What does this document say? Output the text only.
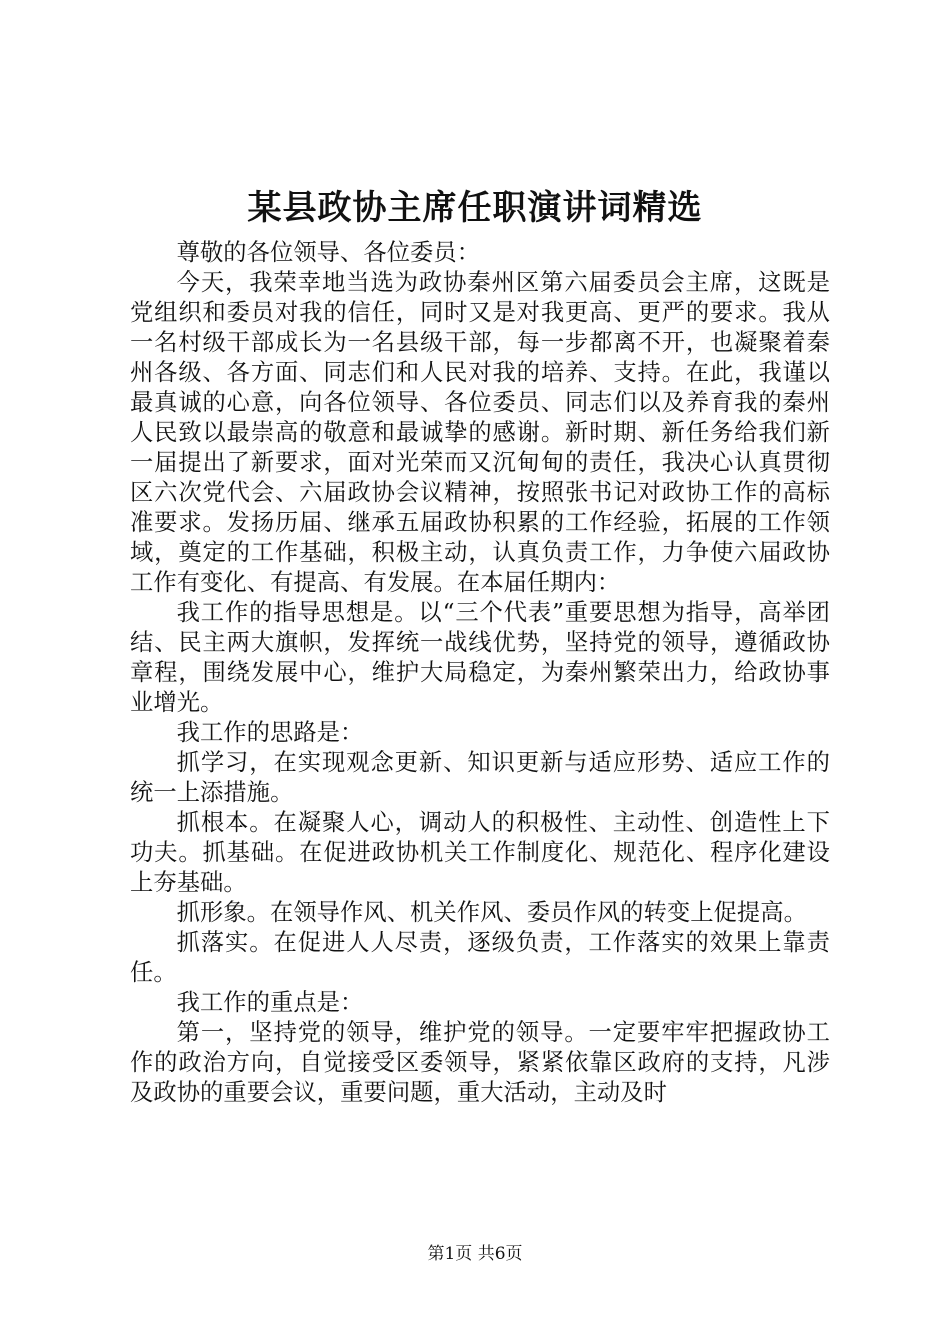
某县政协主席任职演讲词精选

尊敬的各位领导、各位委员：

今天，我荣幸地当选为政协秦州区第六届委员会主席，这既是党组织和委员对我的信任，同时又是对我更高、更严的要求。我从一名村级干部成长为一名县级干部，每一步都离不开，也凝聚着秦州各级、各方面、同志们和人民对我的培养、支持。在此，我谨以最真诚的心意，向各位领导、各位委员、同志们以及养育我的秦州人民致以最崇高的敬意和最诚挚的感谢。新时期、新任务给我们新一届提出了新要求，面对光荣而又沉甸甸的责任，我决心认真贯彻区六次党代会、六届政协会议精神，按照张书记对政协工作的高标准要求。发扬历届、继承五届政协积累的工作经验，拓展的工作领域，奠定的工作基础，积极主动，认真负责工作，力争使六届政协工作有变化、有提高、有发展。在本届任期内：

我工作的指导思想是。以“三个代表”重要思想为指导，高举团结、民主两大旗帜，发挥统一战线优势，坚持党的领导，遵循政协章程，围绕发展中心，维护大局稳定，为秦州繁荣出力，给政协事业增光。

我工作的思路是：

抓学习，在实现观念更新、知识更新与适应形势、适应工作的统一上添措施。

抓根本。在凝聚人心，调动人的积极性、主动性、创造性上下功夫。抓基础。在促进政协机关工作制度化、规范化、程序化建设上夯基础。

抓形象。在领导作风、机关作风、委员作风的转变上促提高。

抓落实。在促进人人尽责，逐级负责，工作落实的效果上靠责任。

我工作的重点是：

第一，坚持党的领导，维护党的领导。一定要牢牢把握政协工作的政治方向，自觉接受区委领导，紧紧依靠区政府的支持，凡涉及政协的重要会议，重要问题，重大活动，主动及时

第1页 共6页
